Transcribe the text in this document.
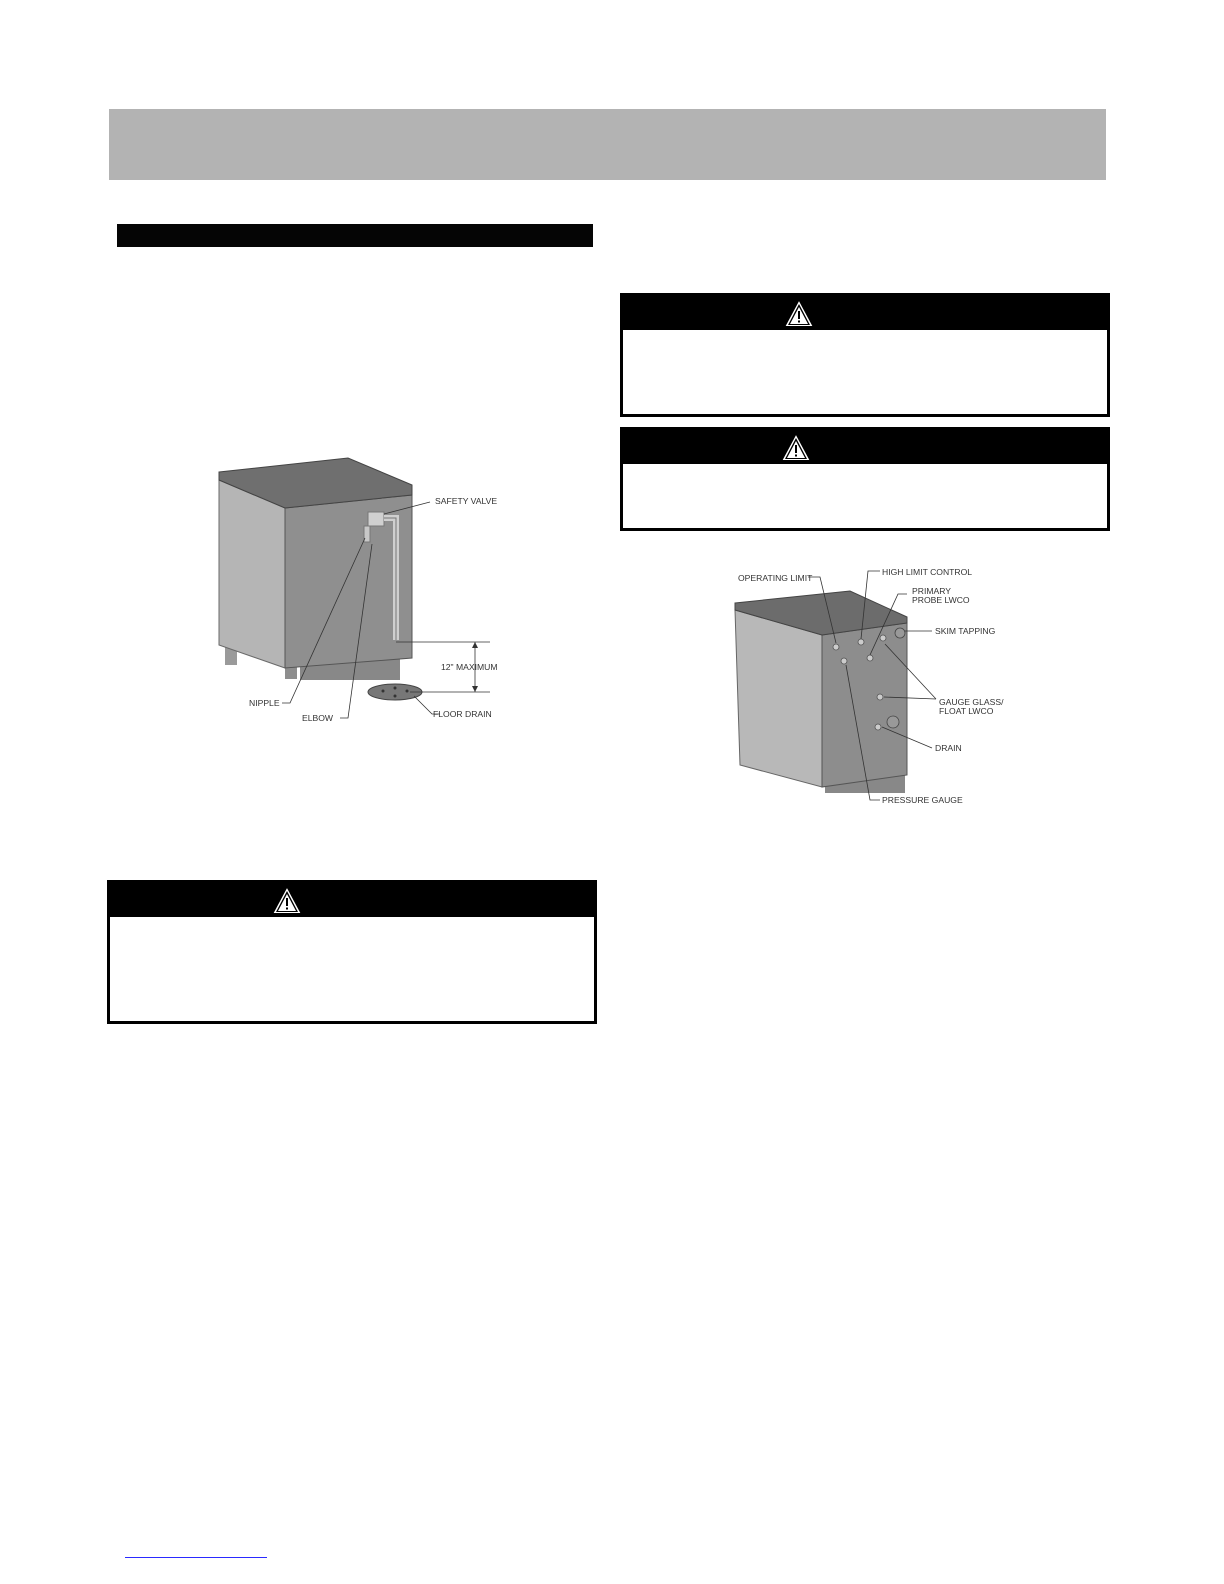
SAFETY VALVE
12" MAXIMUM
NIPPLE
ELBOW	FLOOR DRAIN
OPERATING LIMIT
HIGH LIMIT CONTROL
PRIMARY
PROBE LWCO
SKIM TAPPING
GAUGE GLASS/
FLOAT LWCO
DRAIN
PRESSURE GAUGE
